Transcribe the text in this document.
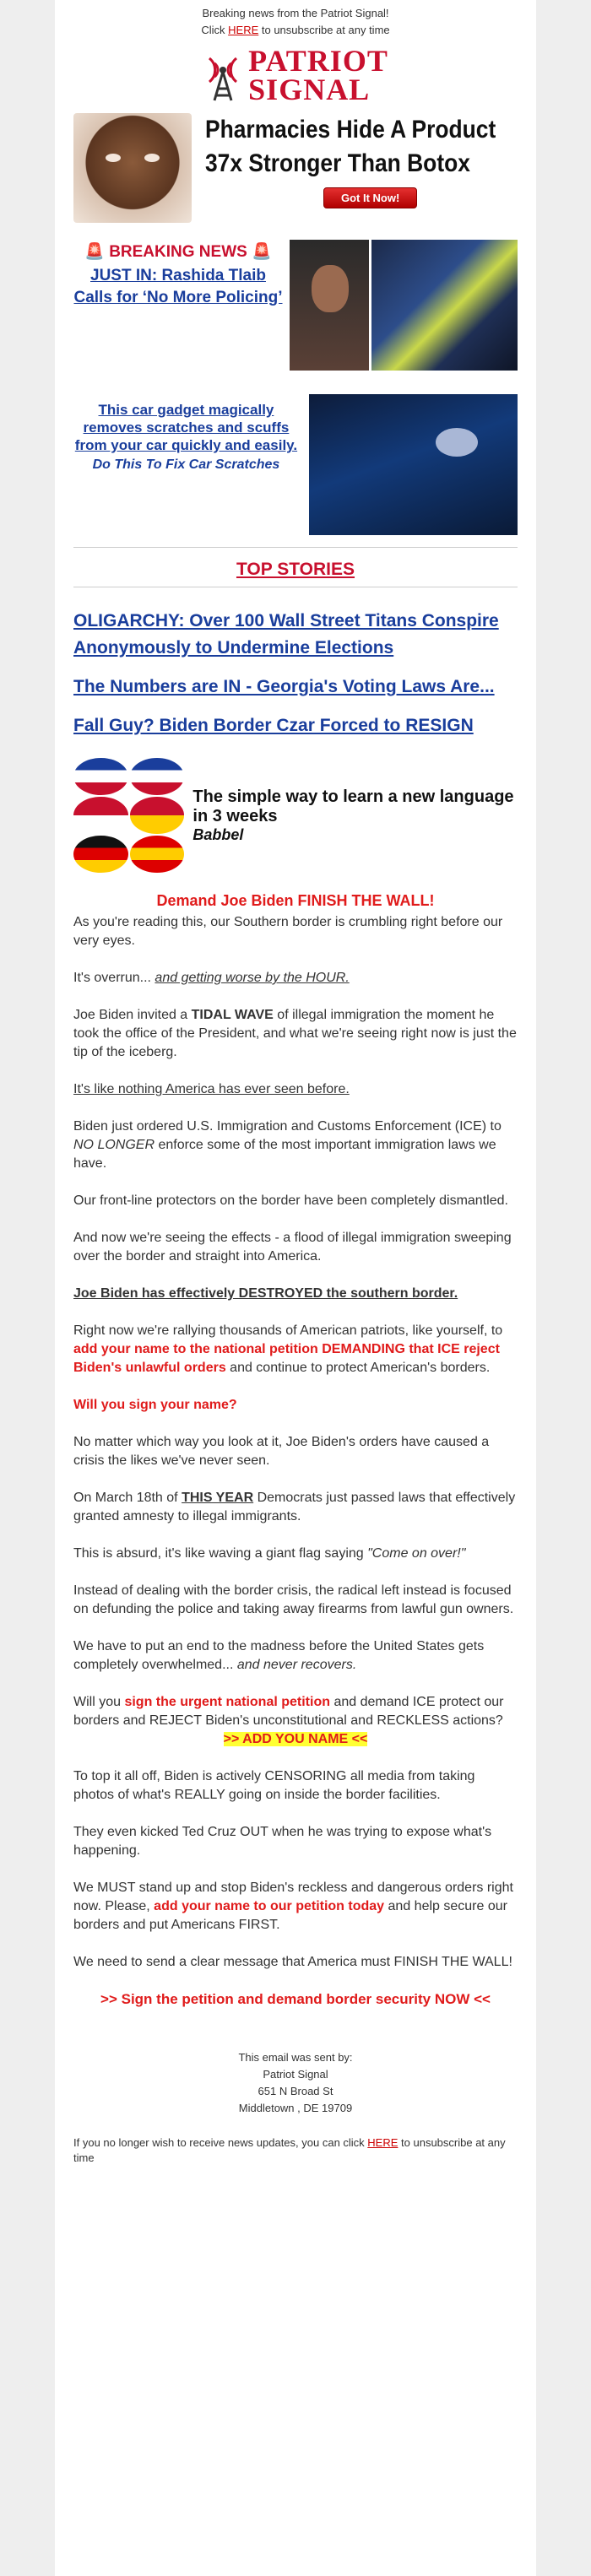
Breaking news from the Patriot Signal!
Click HERE to unsubscribe at any time
PATRIOT
SIGNAL
Pharmacies Hide A Product
37x Stronger Than Botox
Got It Now!
🚨 BREAKING NEWS 🚨
JUST IN: Rashida Tlaib Calls for ‘No More Policing’
This car gadget magically removes scratches and scuffs from your car quickly and easily.
Do This To Fix Car Scratches
TOP STORIES
OLIGARCHY: Over 100 Wall Street Titans Conspire Anonymously to Undermine Elections
The Numbers are IN - Georgia's Voting Laws Are...
Fall Guy? Biden Border Czar Forced to RESIGN
The simple way to learn a new language in 3 weeks
Babbel
Demand Joe Biden FINISH THE WALL!

As you're reading this, our Southern border is crumbling right before our very eyes.

It's overrun... and getting worse by the HOUR.

Joe Biden invited a TIDAL WAVE of illegal immigration the moment he took the office of the President, and what we're seeing right now is just the tip of the iceberg.

It's like nothing America has ever seen before.

Biden just ordered U.S. Immigration and Customs Enforcement (ICE) to NO LONGER enforce some of the most important immigration laws we have.

Our front-line protectors on the border have been completely dismantled.

And now we're seeing the effects - a flood of illegal immigration sweeping over the border and straight into America.

Joe Biden has effectively DESTROYED the southern border.

Right now we're rallying thousands of American patriots, like yourself, to add your name to the national petition DEMANDING that ICE reject Biden's unlawful orders and continue to protect American's borders.

Will you sign your name?

No matter which way you look at it, Joe Biden's orders have caused a crisis the likes we've never seen.

On March 18th of THIS YEAR Democrats just passed laws that effectively granted amnesty to illegal immigrants.

This is absurd, it's like waving a giant flag saying "Come on over!"

Instead of dealing with the border crisis, the radical left instead is focused on defunding the police and taking away firearms from lawful gun owners.

We have to put an end to the madness before the United States gets completely overwhelmed... and never recovers.

Will you sign the urgent national petition and demand ICE protect our borders and REJECT Biden's unconstitutional and RECKLESS actions?

>> ADD YOU NAME <<

To top it all off, Biden is actively CENSORING all media from taking photos of what's REALLY going on inside the border facilities.

They even kicked Ted Cruz OUT when he was trying to expose what's happening.

We MUST stand up and stop Biden's reckless and dangerous orders right now. Please, add your name to our petition today and help secure our borders and put Americans FIRST.

We need to send a clear message that America must FINISH THE WALL!

>> Sign the petition and demand border security NOW <<
This email was sent by:
Patriot Signal
651 N Broad St
Middletown , DE 19709
If you no longer wish to receive news updates, you can click HERE to unsubscribe at any time
